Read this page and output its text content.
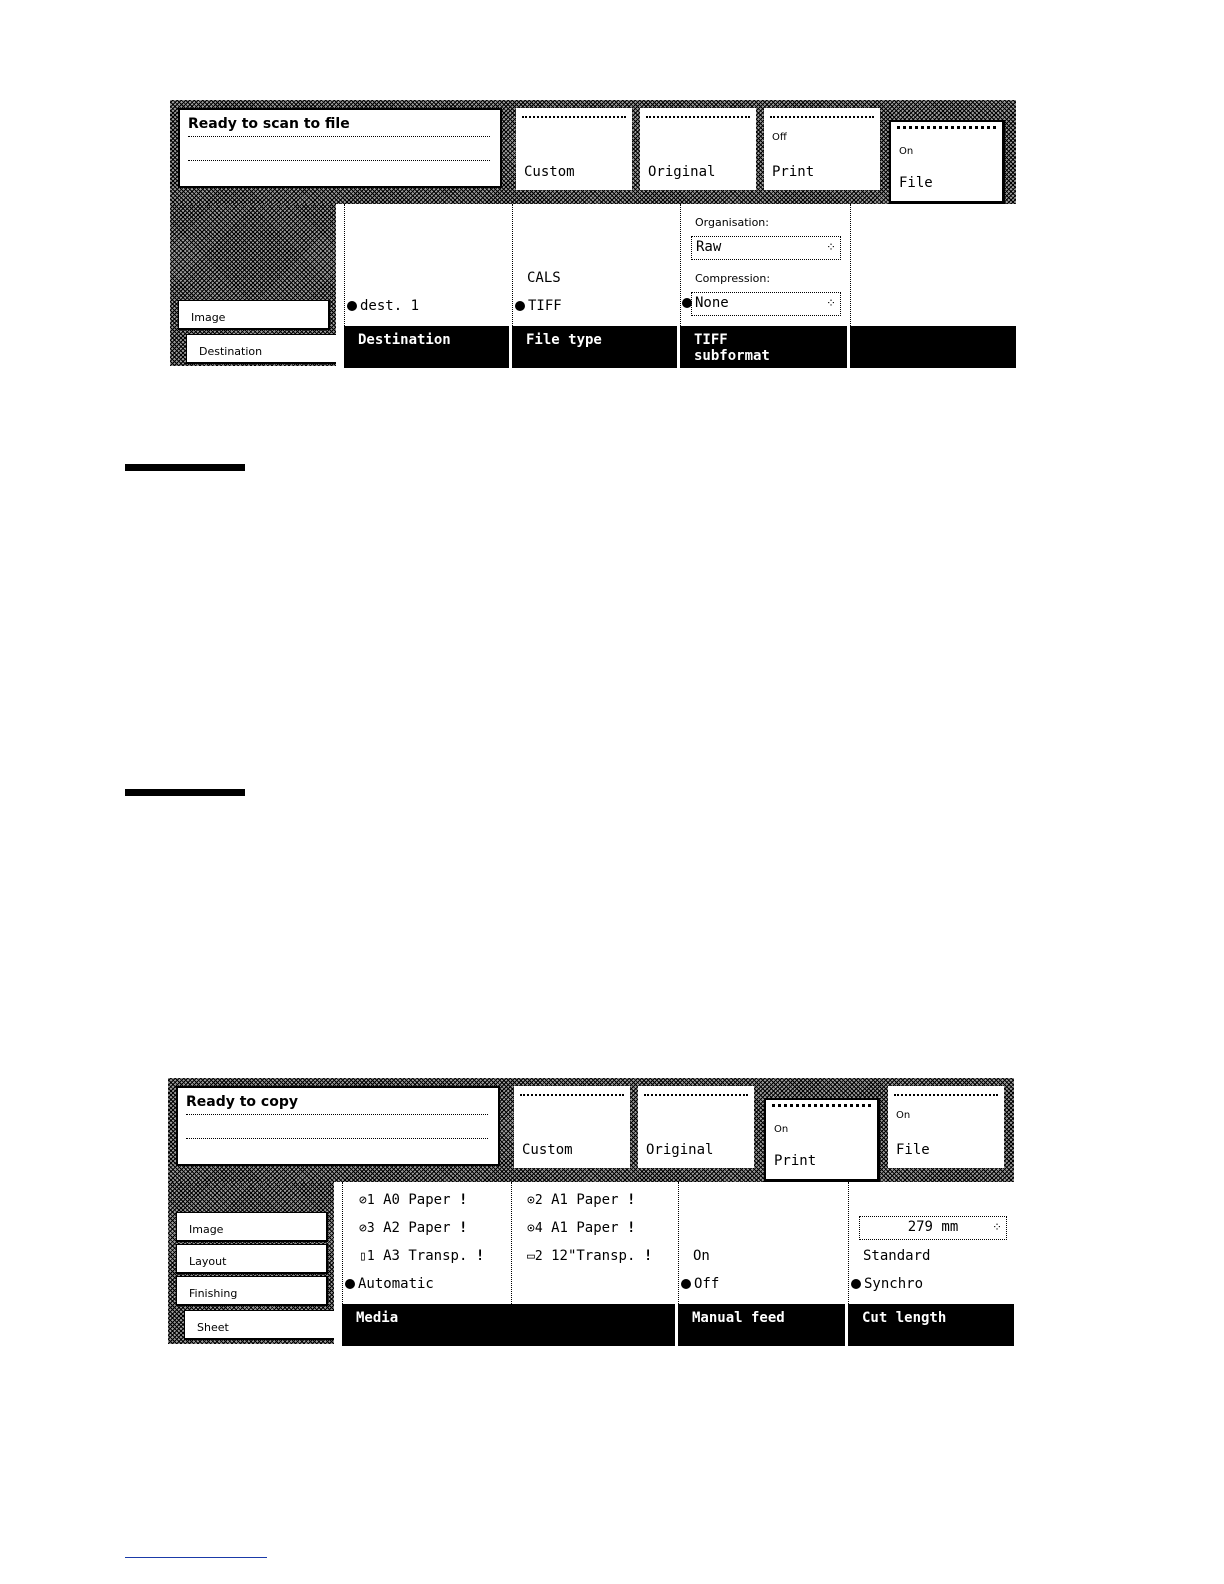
Ready to scan to file
Custom	Original
Off
Print
On
File
Image
Destination
dest. 1
Destination
CALS
TIFF
File type
Organisation:
Raw	⁘
Compression:
None	⁘
TIFF
subformat
Ready to copy
Custom	Original
On
Print
On
File
Image
Layout
Finishing
Sheet
⊘1 A0 Paper !
⊘3 A2 Paper !
▯1 A3 Transp. !
Automatic
⊙2 A1 Paper !
⊙4 A1 Paper !
▭2 12"Transp. !
Media
On
Off
Manual feed
279 mm	⁘
Standard
Synchro
Cut length
